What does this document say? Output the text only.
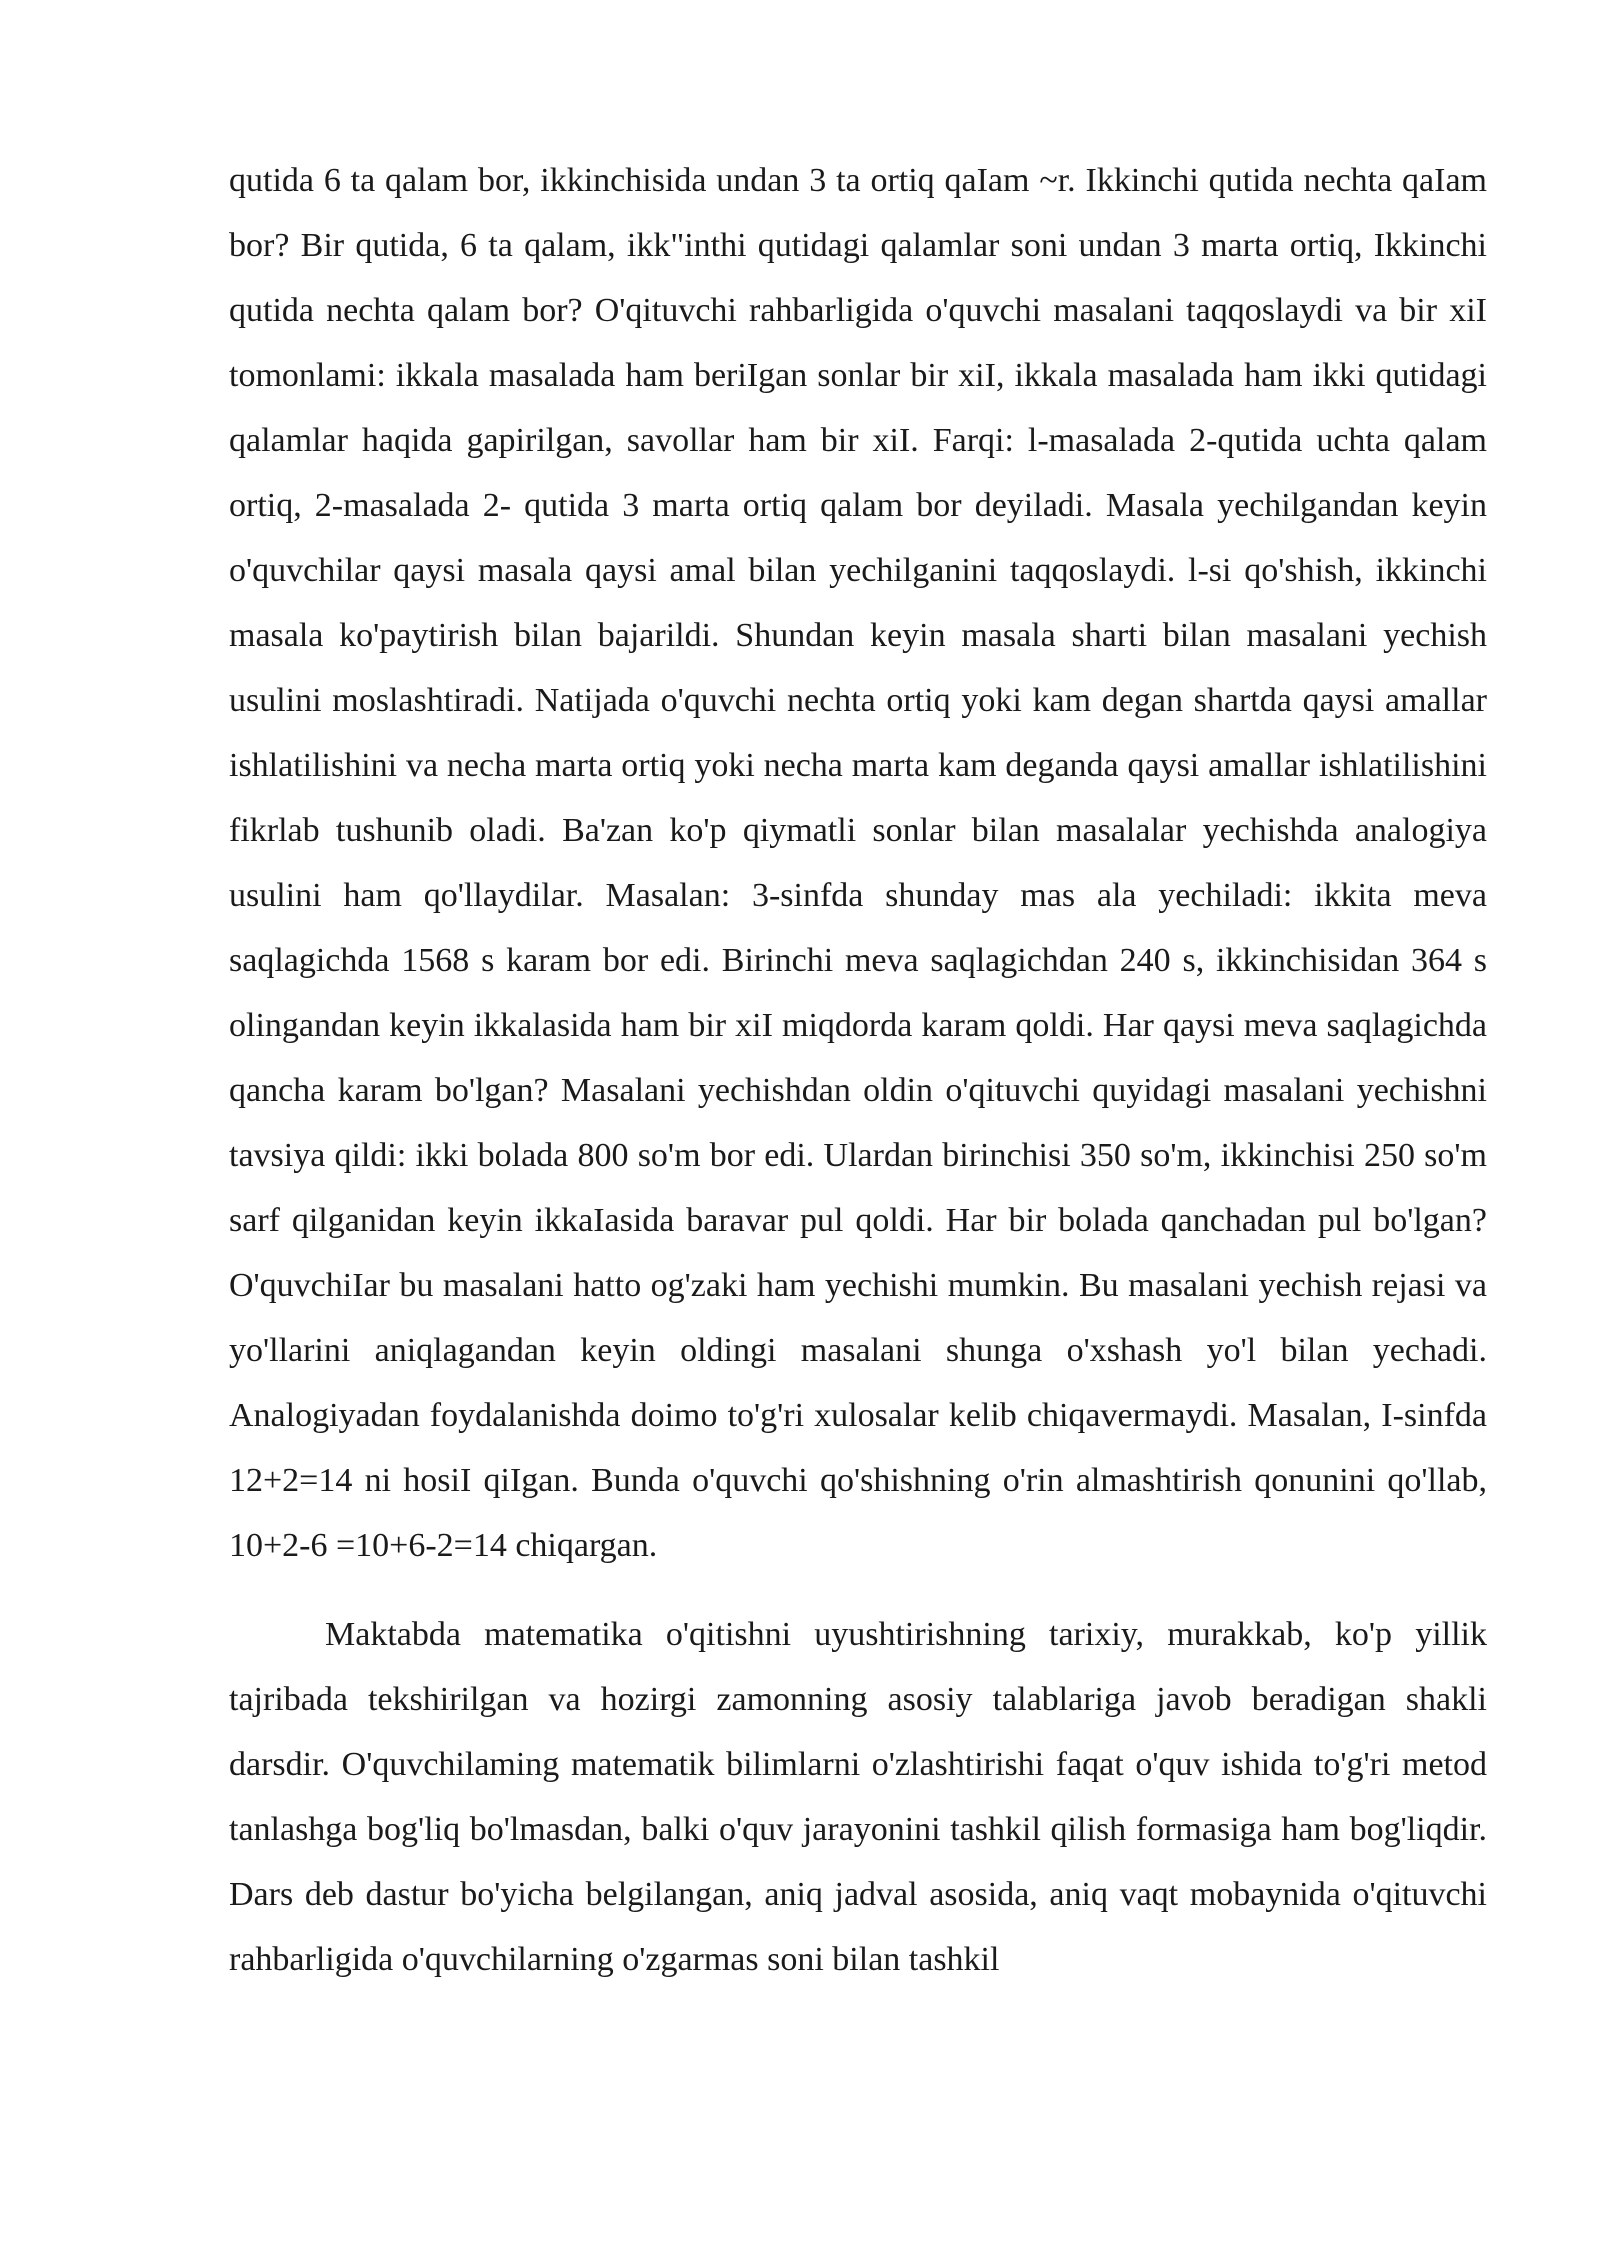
qutida 6 ta qalam bor, ikkinchisida undan 3 ta ortiq qaIam ~r. Ikkinchi qutida nechta qaIam bor? Bir qutida, 6 ta qalam, ikk"inthi qutidagi qalamlar soni undan 3 marta ortiq, Ikkinchi qutida nechta qalam bor? O'qituvchi rahbarligida o'quvchi masalani taqqoslaydi va bir xiI tomonlami: ikkala masalada ham beriIgan sonlar bir xiI, ikkala masalada ham ikki qutidagi qalamlar haqida gapirilgan, savollar ham bir xiI. Farqi: l-masalada 2-qutida uchta qalam ortiq, 2-masalada 2- qutida 3 marta ortiq qalam bor deyiladi. Masala yechilgandan keyin o'quvchilar qaysi masala qaysi amal bilan yechilganini taqqoslaydi. l-si qo'shish, ikkinchi masala ko'paytirish bilan bajarildi. Shundan keyin masala sharti bilan masalani yechish usulini moslashtiradi. Natijada o'quvchi nechta ortiq yoki kam degan shartda qaysi amallar ishlatilishini va necha marta ortiq yoki necha marta kam deganda qaysi amallar ishlatilishini fikrlab tushunib oladi. Ba'zan ko'p qiymatli sonlar bilan masalalar yechishda analogiya usulini ham qo'llaydilar. Masalan: 3-sinfda shunday mas ala yechiladi: ikkita meva saqlagichda 1568 s karam bor edi. Birinchi meva saqlagichdan 240 s, ikkinchisidan 364 s olingandan keyin ikkalasida ham bir xiI miqdorda karam qoldi. Har qaysi meva saqlagichda qancha karam bo'lgan? Masalani yechishdan oldin o'qituvchi quyidagi masalani yechishni tavsiya qildi: ikki bolada 800 so'm bor edi. Ulardan birinchisi 350 so'm, ikkinchisi 250 so'm sarf qilganidan keyin ikkaIasida baravar pul qoldi. Har bir bolada qanchadan pul bo'lgan? O'quvchiIar bu masalani hatto og'zaki ham yechishi mumkin. Bu masalani yechish rejasi va yo'llarini aniqlagandan keyin oldingi masalani shunga o'xshash yo'l bilan yechadi. Analogiyadan foydalanishda doimo to'g'ri xulosalar kelib chiqavermaydi. Masalan, I-sinfda 12+2=14 ni hosiI qiIgan. Bunda o'quvchi qo'shishning o'rin almashtirish qonunini qo'llab, 10+2-6 =10+6-2=14 chiqargan.

Maktabda matematika o'qitishni uyushtirishning tarixiy, murakkab, ko'p yillik tajribada tekshirilgan va hozirgi zamonning asosiy talablariga javob beradigan shakli darsdir. O'quvchilaming matematik bilimlarni o'zlashtirishi faqat o'quv ishida to'g'ri metod tanlashga bog'liq bo'lmasdan, balki o'quv jarayonini tashkil qilish formasiga ham bog'liqdir. Dars deb dastur bo'yicha belgilangan, aniq jadval asosida, aniq vaqt mobaynida o'qituvchi rahbarligida o'quvchilarning o'zgarmas soni bilan tashkil
